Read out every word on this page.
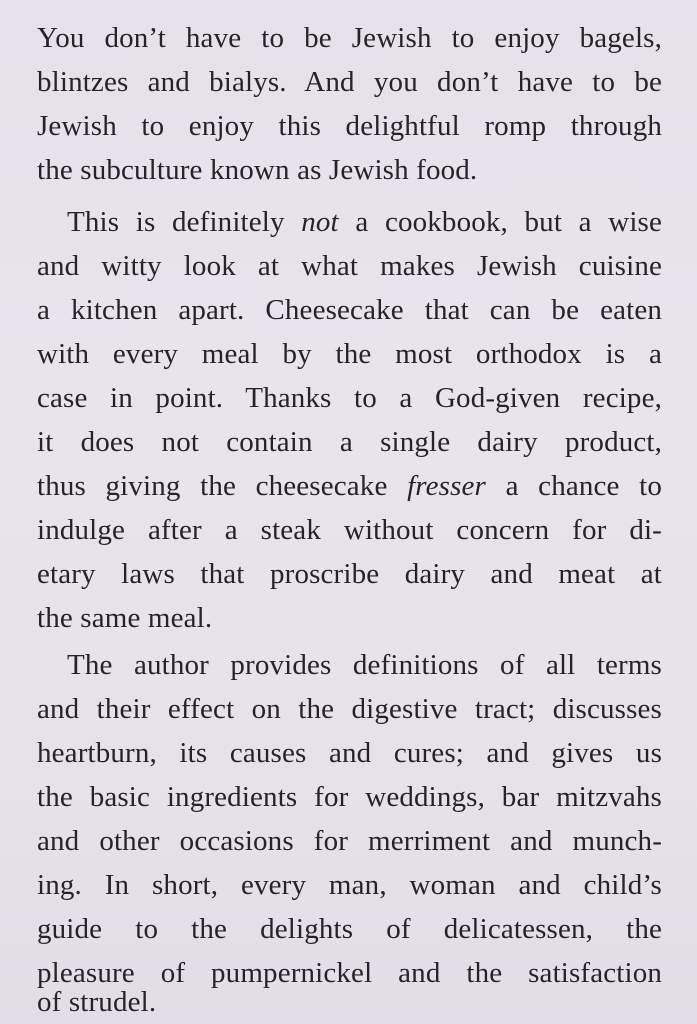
You don’t have to be Jewish to enjoy bagels,

blintzes and bialys. And you don’t have to be

Jewish to enjoy this delightful romp through

the subculture known as Jewish food.

This is definitely not a cookbook, but a wise

and witty look at what makes Jewish cuisine

a kitchen apart. Cheesecake that can be eaten

with every meal by the most orthodox is a

case in point. Thanks to a God-given recipe,

it does not contain a single dairy product,

thus giving the cheesecake fresser a chance to

indulge after a steak without concern for di-

etary laws that proscribe dairy and meat at

the same meal.

The author provides definitions of all terms

and their effect on the digestive tract; discusses

heartburn, its causes and cures; and gives us

the basic ingredients for weddings, bar mitzvahs

and other occasions for merriment and munch-

ing. In short, every man, woman and child’s

guide to the delights of delicatessen, the

pleasure of pumpernickel and the satisfaction

of strudel.
